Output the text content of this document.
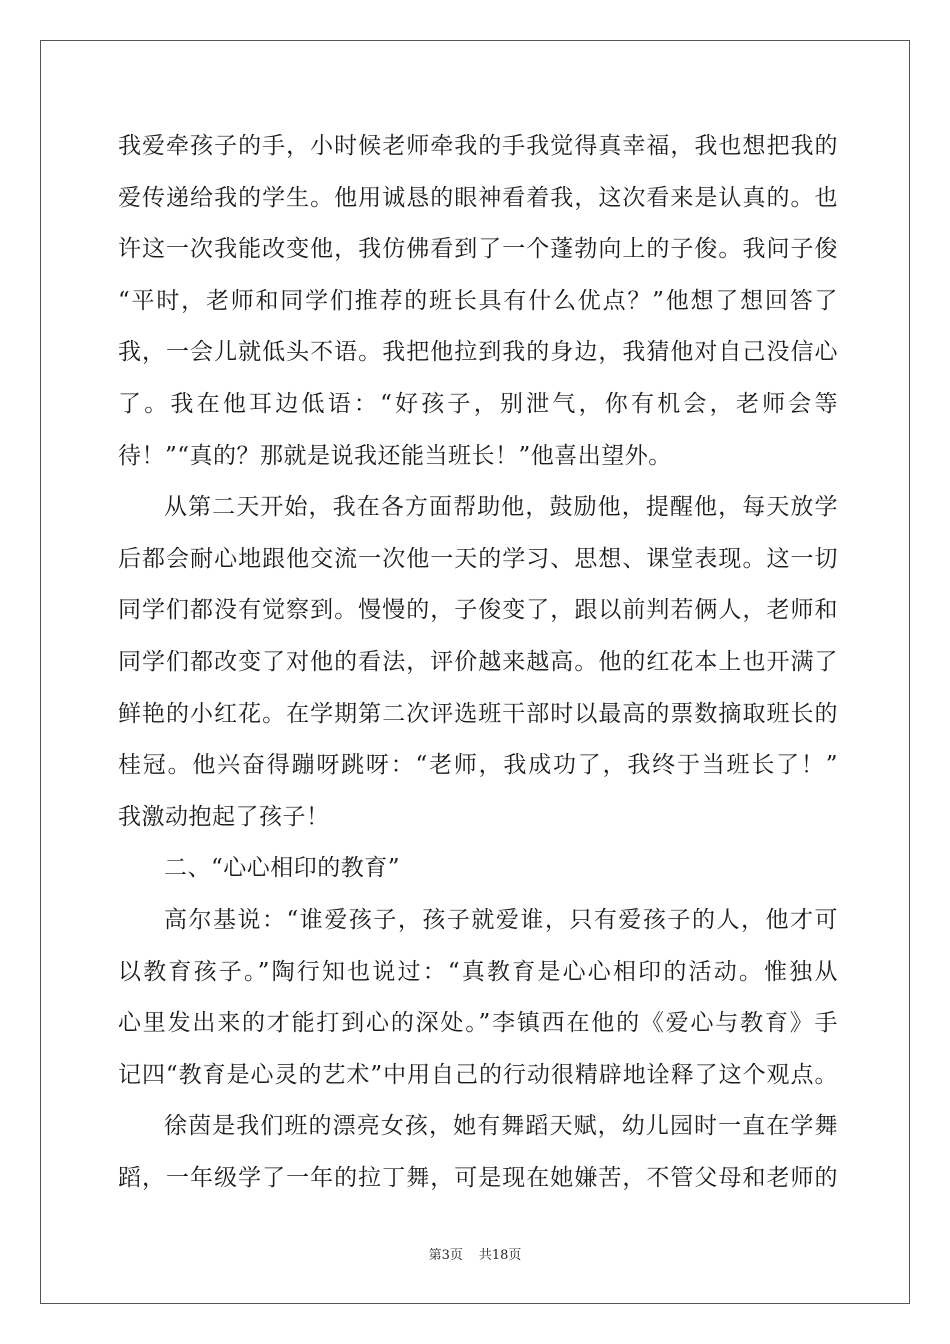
我爱牵孩子的手，小时候老师牵我的手我觉得真幸福，我也想把我的
爱传递给我的学生。他用诚恳的眼神看着我，这次看来是认真的。也
许这一次我能改变他，我仿佛看到了一个蓬勃向上的子俊。我问子俊
“平时，老师和同学们推荐的班长具有什么优点？”他想了想回答了
我，一会儿就低头不语。我把他拉到我的身边，我猜他对自己没信心
了。我在他耳边低语：“好孩子，别泄气，你有机会，老师会等
待！”“真的？那就是说我还能当班长！”他喜出望外。
从第二天开始，我在各方面帮助他，鼓励他，提醒他，每天放学
后都会耐心地跟他交流一次他一天的学习、思想、课堂表现。这一切
同学们都没有觉察到。慢慢的，子俊变了，跟以前判若俩人，老师和
同学们都改变了对他的看法，评价越来越高。他的红花本上也开满了
鲜艳的小红花。在学期第二次评选班干部时以最高的票数摘取班长的
桂冠。他兴奋得蹦呀跳呀：“老师，我成功了，我终于当班长了！”
我激动抱起了孩子！
二、“心心相印的教育”
高尔基说：“谁爱孩子，孩子就爱谁，只有爱孩子的人，他才可
以教育孩子。”陶行知也说过：“真教育是心心相印的活动。惟独从
心里发出来的才能打到心的深处。”李镇西在他的《爱心与教育》手
记四“教育是心灵的艺术”中用自己的行动很精辟地诠释了这个观点。
徐茵是我们班的漂亮女孩，她有舞蹈天赋，幼儿园时一直在学舞
蹈，一年级学了一年的拉丁舞，可是现在她嫌苦，不管父母和老师的
第3页 共18页
